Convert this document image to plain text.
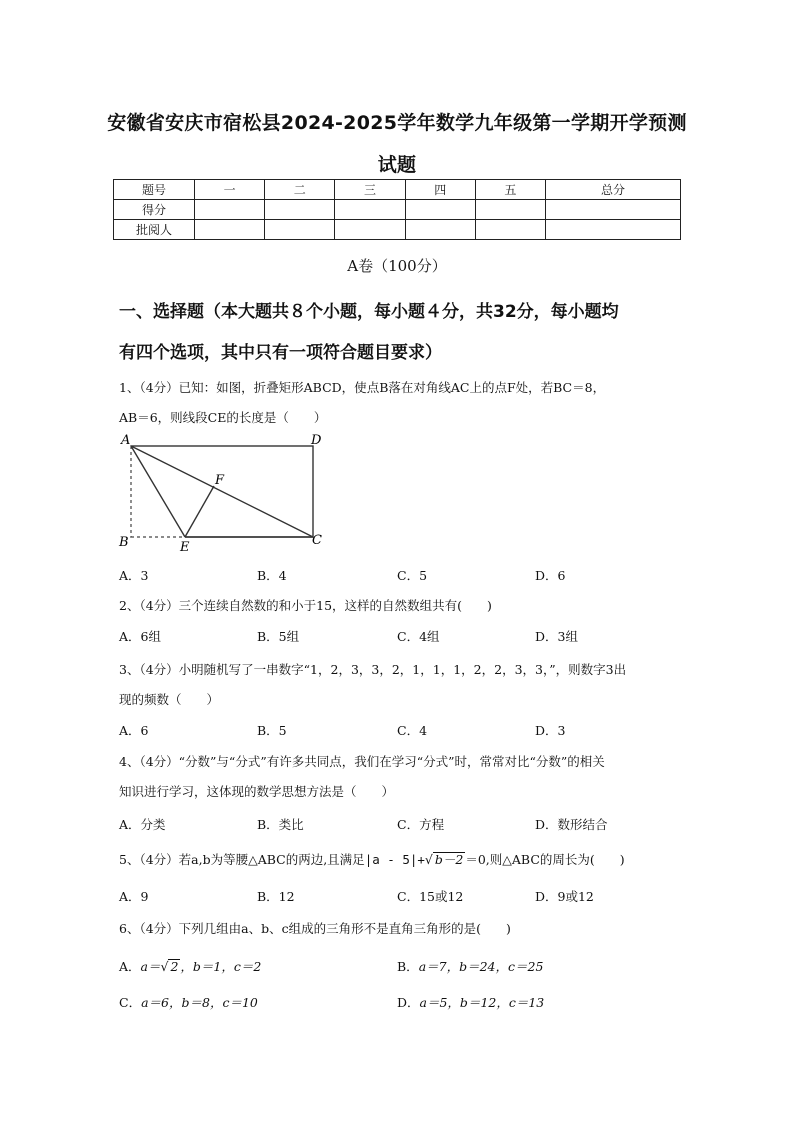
安徽省安庆市宿松县2024-2025学年数学九年级第一学期开学预测
试题
题号	一	二	三	四	五	总分
得分						
批阅人						
A卷（100分）
一、选择题（本大题共８个小题，每小题４分，共32分，每小题均
有四个选项，其中只有一项符合题目要求）
1、（4分）已知：如图，折叠矩形ABCD，使点B落在对角线AC上的点F处，若BC＝8，
AB＝6，则线段CE的长度是（　　）
A	D
B	C
E
F
A．3	B．4	C．5	D．6
2、（4分）三个连续自然数的和小于15，这样的自然数组共有(　　)
A．6组	B．5组	C．4组	D．3组
3、（4分）小明随机写了一串数字“1，2，3，3，2，1，1，1，2，2，3，3，”，则数字3出
现的频数（　　）
A．6	B．5	C．4	D．3
4、（4分）“分数”与“分式”有许多共同点，我们在学习“分式”时，常常对比“分数”的相关
知识进行学习，这体现的数学思想方法是（　　）
A．分类	B．类比	C．方程	D．数形结合
5、（4分）若a,b为等腰△ABC的两边,且满足|a - 5|+√ b－2 ＝0,则△ABC的周长为(　　)
A．9	B．12	C．15或12	D．9或12
6、（4分）下列几组由a、b、c组成的三角形不是直角三角形的是(　　)
A．a＝√ 2 ，b＝1，c＝2	B．a＝7，b＝24，c＝25
C．a＝6，b＝8，c＝10	D．a＝5，b＝12，c＝13
